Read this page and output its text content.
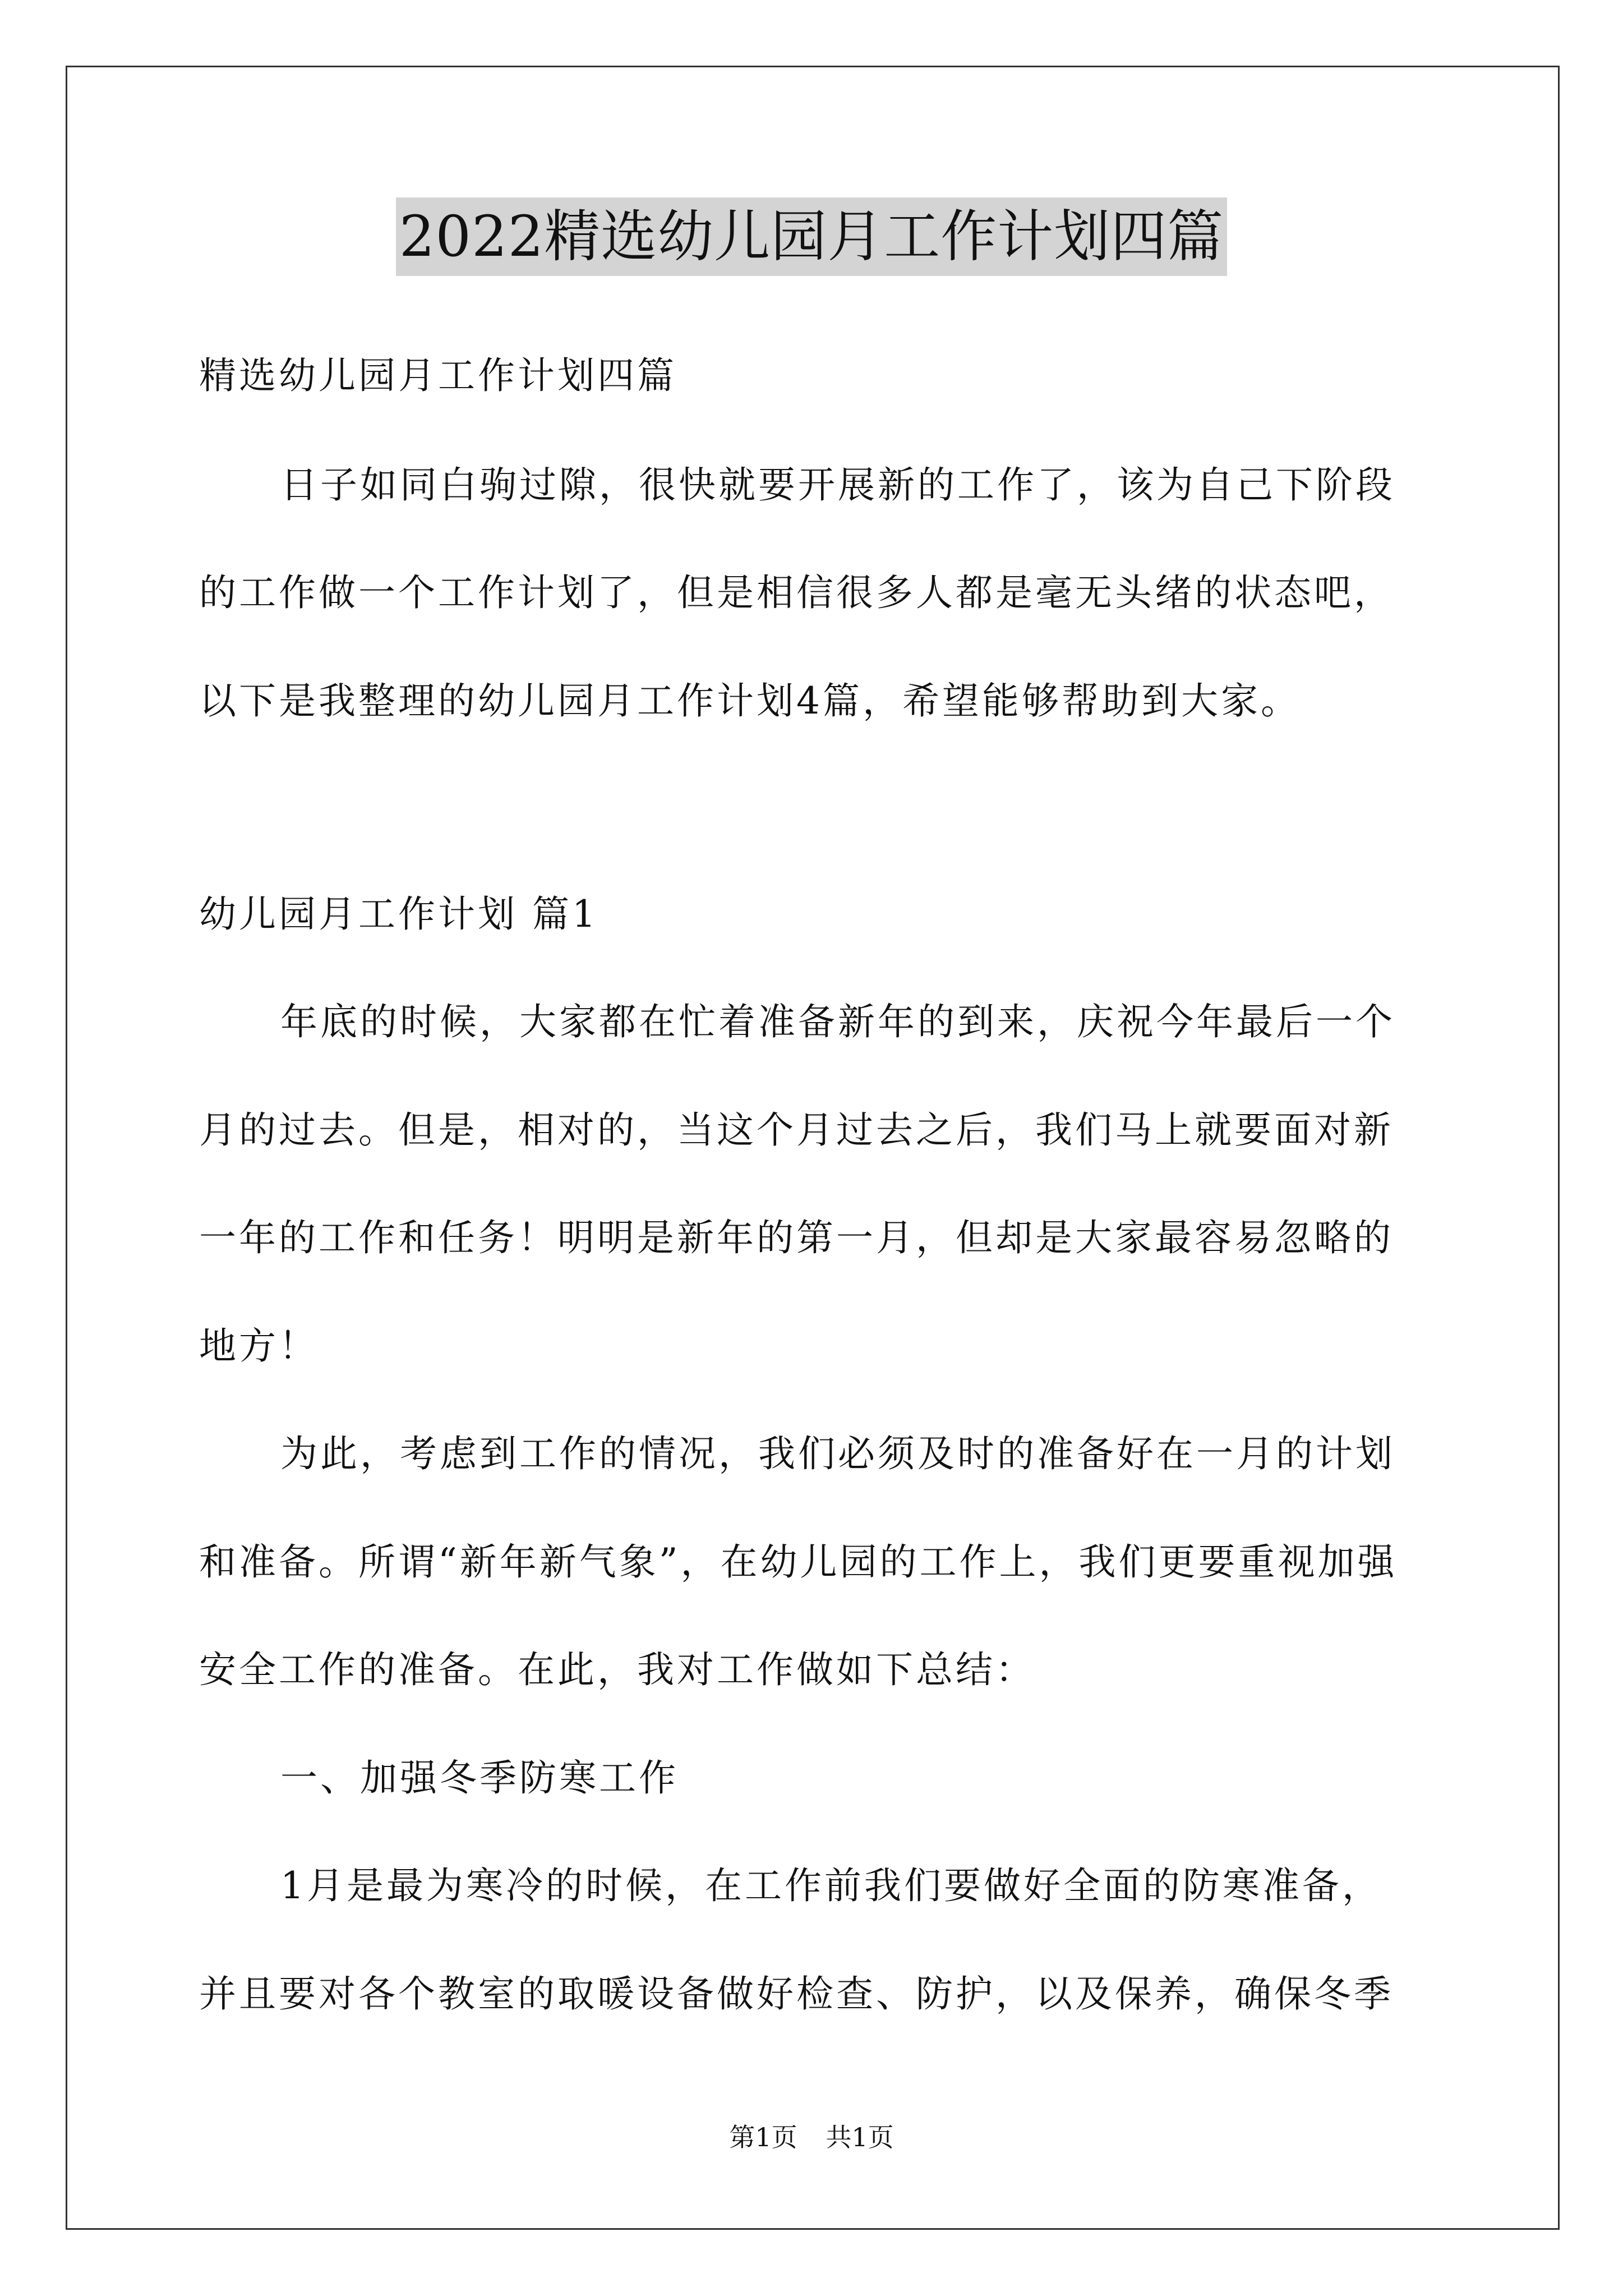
2022精选幼儿园月工作计划四篇
精选幼儿园月工作计划四篇
日子如同白驹过隙，很快就要开展新的工作了，该为自己下阶段
的工作做一个工作计划了，但是相信很多人都是毫无头绪的状态吧，
以下是我整理的幼儿园月工作计划4篇，希望能够帮助到大家。
幼儿园月工作计划 篇1
年底的时候，大家都在忙着准备新年的到来，庆祝今年最后一个
月的过去。但是，相对的，当这个月过去之后，我们马上就要面对新
一年的工作和任务！明明是新年的第一月，但却是大家最容易忽略的
地方！
为此，考虑到工作的情况，我们必须及时的准备好在一月的计划
和准备。所谓“新年新气象”，在幼儿园的工作上，我们更要重视加强
安全工作的准备。在此，我对工作做如下总结：
一、加强冬季防寒工作
1月是最为寒冷的时候，在工作前我们要做好全面的防寒准备，
并且要对各个教室的取暖设备做好检查、防护，以及保养，确保冬季
第1页 共1页
